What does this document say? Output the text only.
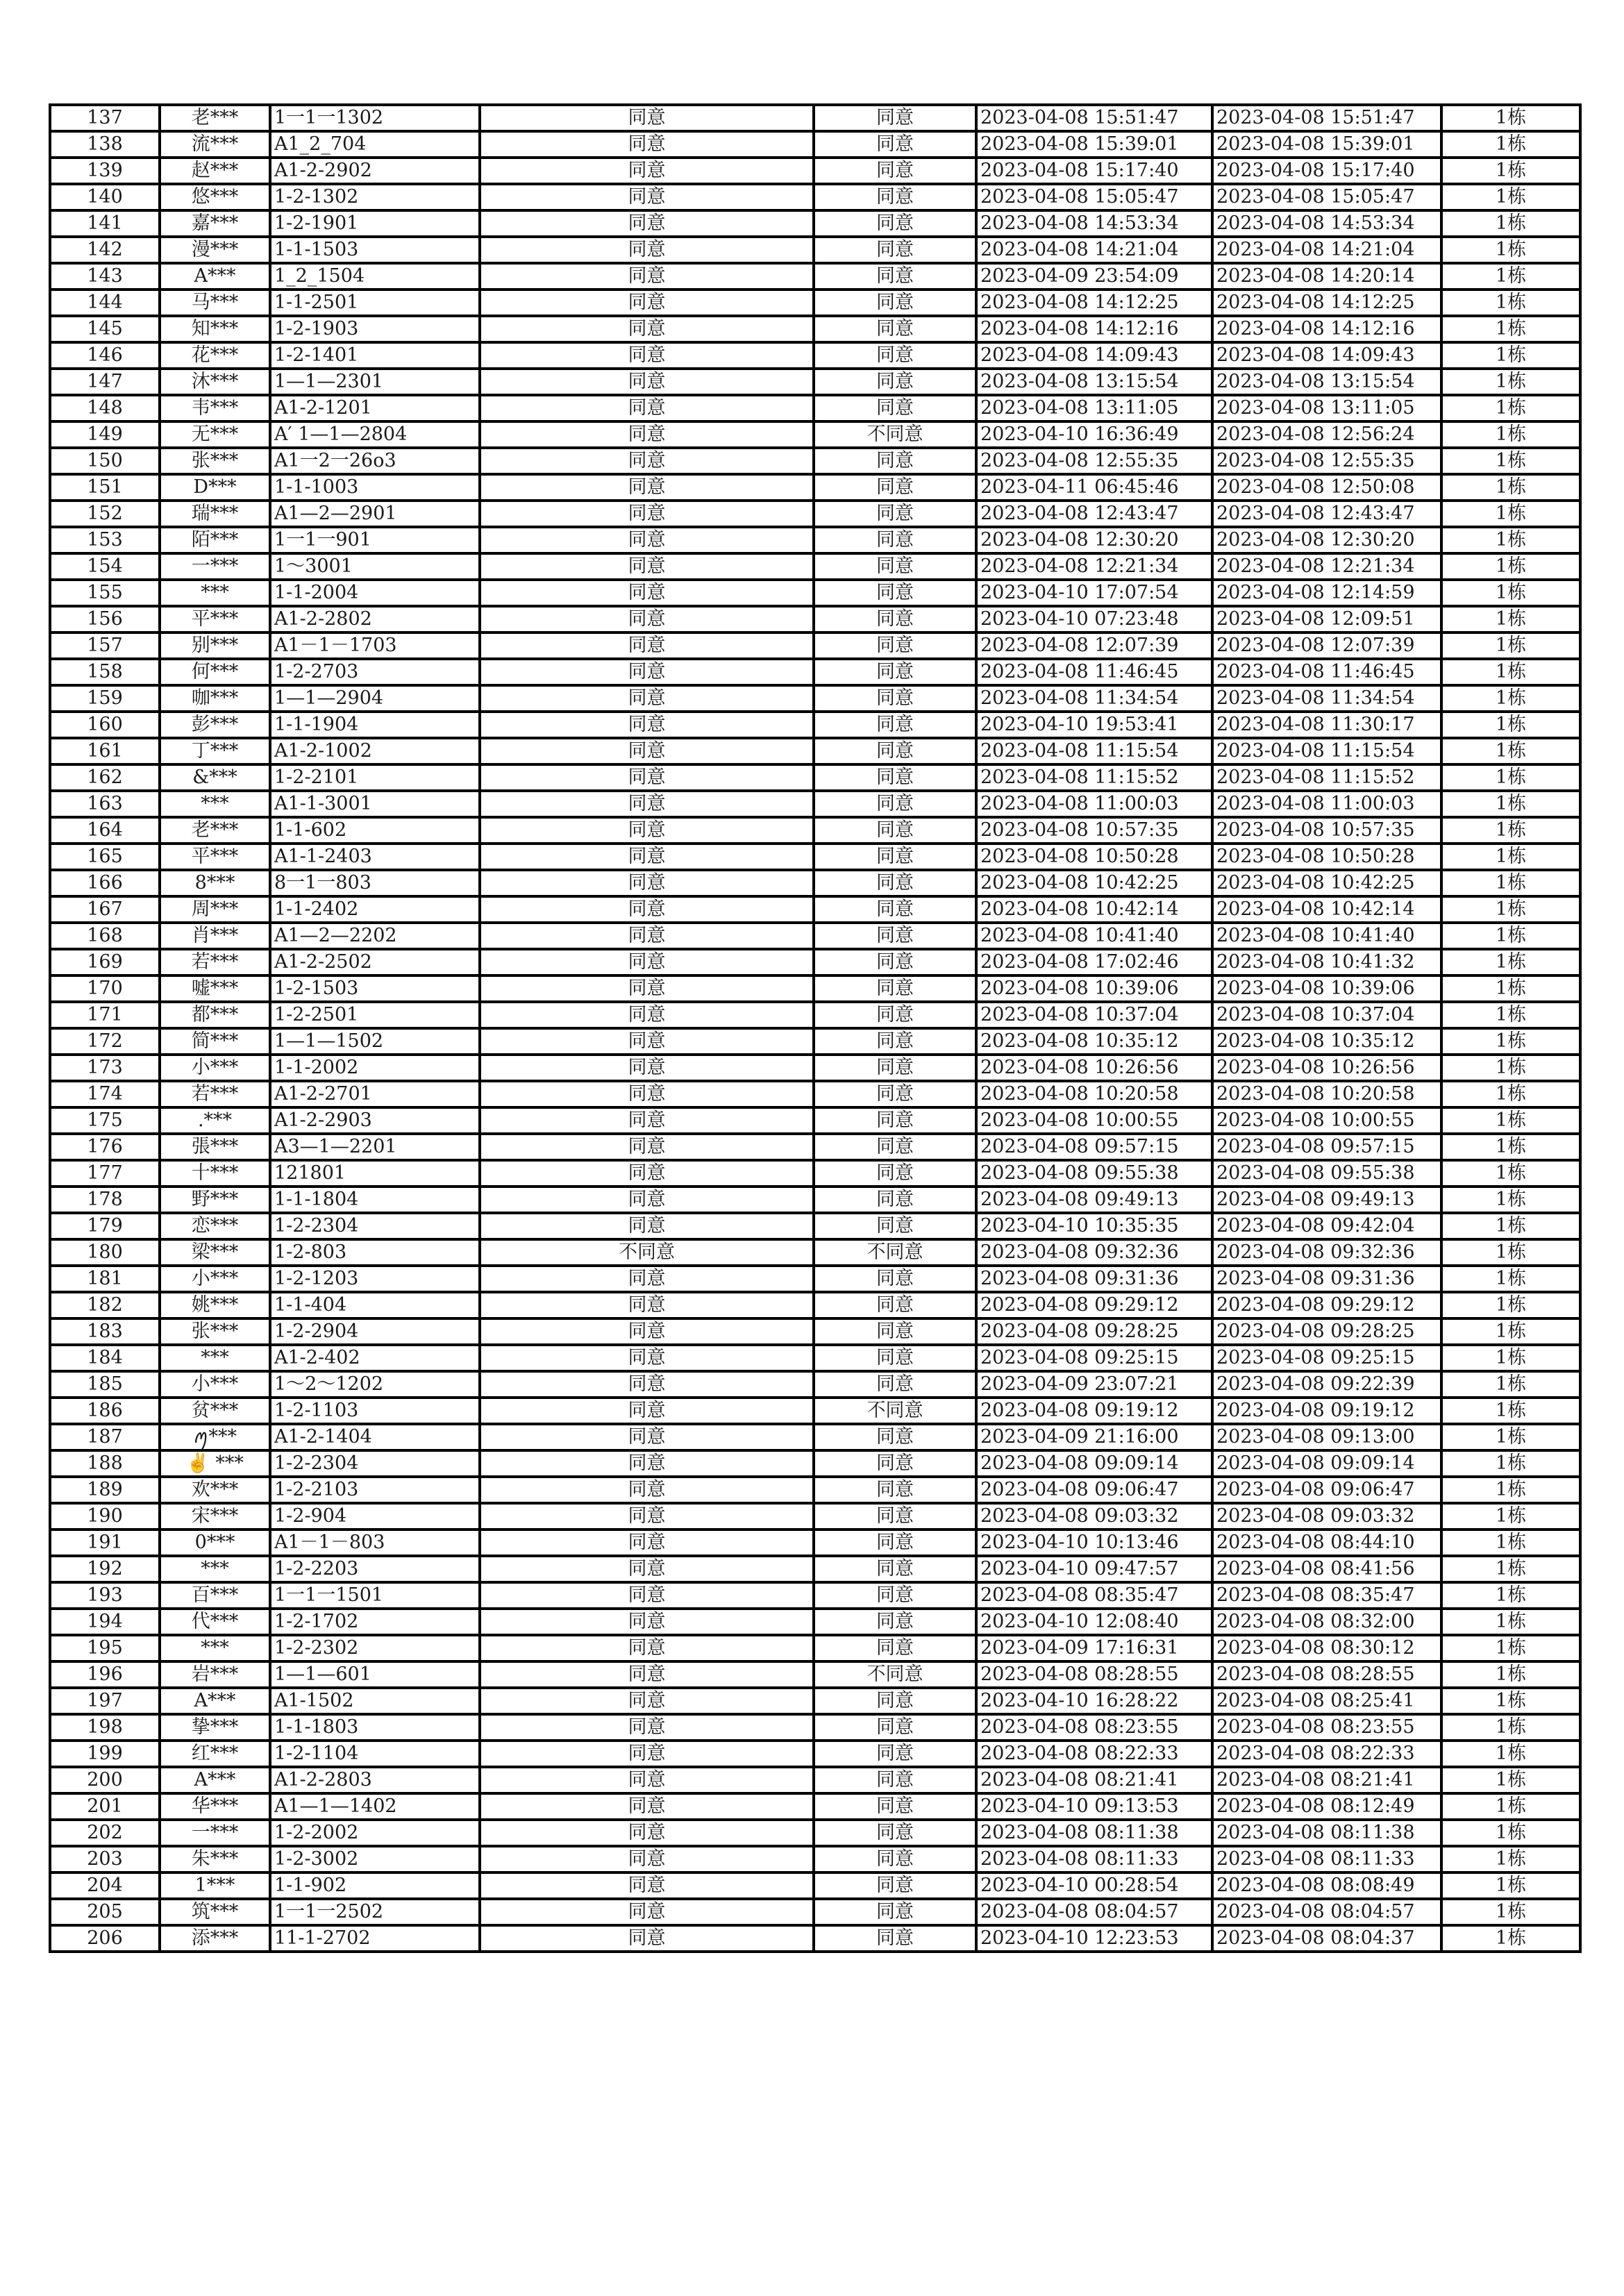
137	老***	1一1一1302	同意	同意	2023-04-08 15:51:47	2023-04-08 15:51:47	1栋
138	流***	A1_2_704	同意	同意	2023-04-08 15:39:01	2023-04-08 15:39:01	1栋
139	赵***	A1-2-2902	同意	同意	2023-04-08 15:17:40	2023-04-08 15:17:40	1栋
140	悠***	1-2-1302	同意	同意	2023-04-08 15:05:47	2023-04-08 15:05:47	1栋
141	嘉***	1-2-1901	同意	同意	2023-04-08 14:53:34	2023-04-08 14:53:34	1栋
142	漫***	1-1-1503	同意	同意	2023-04-08 14:21:04	2023-04-08 14:21:04	1栋
143	A***	1_2_1504	同意	同意	2023-04-09 23:54:09	2023-04-08 14:20:14	1栋
144	马***	1-1-2501	同意	同意	2023-04-08 14:12:25	2023-04-08 14:12:25	1栋
145	知***	1-2-1903	同意	同意	2023-04-08 14:12:16	2023-04-08 14:12:16	1栋
146	花***	1-2-1401	同意	同意	2023-04-08 14:09:43	2023-04-08 14:09:43	1栋
147	沐***	1—1—2301	同意	同意	2023-04-08 13:15:54	2023-04-08 13:15:54	1栋
148	韦***	A1-2-1201	同意	同意	2023-04-08 13:11:05	2023-04-08 13:11:05	1栋
149	无***	A′ 1—1—2804	同意	不同意	2023-04-10 16:36:49	2023-04-08 12:56:24	1栋
150	张***	A1一2一26o3	同意	同意	2023-04-08 12:55:35	2023-04-08 12:55:35	1栋
151	D***	1-1-1003	同意	同意	2023-04-11 06:45:46	2023-04-08 12:50:08	1栋
152	瑞***	A1—2—2901	同意	同意	2023-04-08 12:43:47	2023-04-08 12:43:47	1栋
153	陌***	1一1一901	同意	同意	2023-04-08 12:30:20	2023-04-08 12:30:20	1栋
154	一***	1～3001	同意	同意	2023-04-08 12:21:34	2023-04-08 12:21:34	1栋
155	***	1-1-2004	同意	同意	2023-04-10 17:07:54	2023-04-08 12:14:59	1栋
156	平***	A1-2-2802	同意	同意	2023-04-10 07:23:48	2023-04-08 12:09:51	1栋
157	别***	A1－1－1703	同意	同意	2023-04-08 12:07:39	2023-04-08 12:07:39	1栋
158	何***	1-2-2703	同意	同意	2023-04-08 11:46:45	2023-04-08 11:46:45	1栋
159	咖***	1—1—2904	同意	同意	2023-04-08 11:34:54	2023-04-08 11:34:54	1栋
160	彭***	1-1-1904	同意	同意	2023-04-10 19:53:41	2023-04-08 11:30:17	1栋
161	丁***	A1-2-1002	同意	同意	2023-04-08 11:15:54	2023-04-08 11:15:54	1栋
162	&***	1-2-2101	同意	同意	2023-04-08 11:15:52	2023-04-08 11:15:52	1栋
163	***	A1-1-3001	同意	同意	2023-04-08 11:00:03	2023-04-08 11:00:03	1栋
164	老***	1-1-602	同意	同意	2023-04-08 10:57:35	2023-04-08 10:57:35	1栋
165	平***	A1-1-2403	同意	同意	2023-04-08 10:50:28	2023-04-08 10:50:28	1栋
166	8***	8一1一803	同意	同意	2023-04-08 10:42:25	2023-04-08 10:42:25	1栋
167	周***	1-1-2402	同意	同意	2023-04-08 10:42:14	2023-04-08 10:42:14	1栋
168	肖***	A1—2—2202	同意	同意	2023-04-08 10:41:40	2023-04-08 10:41:40	1栋
169	若***	A1-2-2502	同意	同意	2023-04-08 17:02:46	2023-04-08 10:41:32	1栋
170	嘘***	1-2-1503	同意	同意	2023-04-08 10:39:06	2023-04-08 10:39:06	1栋
171	都***	1-2-2501	同意	同意	2023-04-08 10:37:04	2023-04-08 10:37:04	1栋
172	简***	1—1—1502	同意	同意	2023-04-08 10:35:12	2023-04-08 10:35:12	1栋
173	小***	1-1-2002	同意	同意	2023-04-08 10:26:56	2023-04-08 10:26:56	1栋
174	若***	A1-2-2701	同意	同意	2023-04-08 10:20:58	2023-04-08 10:20:58	1栋
175	.***	A1-2-2903	同意	同意	2023-04-08 10:00:55	2023-04-08 10:00:55	1栋
176	張***	A3—1—2201	同意	同意	2023-04-08 09:57:15	2023-04-08 09:57:15	1栋
177	十***	121801	同意	同意	2023-04-08 09:55:38	2023-04-08 09:55:38	1栋
178	野***	1-1-1804	同意	同意	2023-04-08 09:49:13	2023-04-08 09:49:13	1栋
179	恋***	1-2-2304	同意	同意	2023-04-10 10:35:35	2023-04-08 09:42:04	1栋
180	梁***	1-2-803	不同意	不同意	2023-04-08 09:32:36	2023-04-08 09:32:36	1栋
181	小***	1-2-1203	同意	同意	2023-04-08 09:31:36	2023-04-08 09:31:36	1栋
182	姚***	1-1-404	同意	同意	2023-04-08 09:29:12	2023-04-08 09:29:12	1栋
183	张***	1-2-2904	同意	同意	2023-04-08 09:28:25	2023-04-08 09:28:25	1栋
184	***	A1-2-402	同意	同意	2023-04-08 09:25:15	2023-04-08 09:25:15	1栋
185	小***	1～2～1202	同意	同意	2023-04-09 23:07:21	2023-04-08 09:22:39	1栋
186	贫***	1-2-1103	同意	不同意	2023-04-08 09:19:12	2023-04-08 09:19:12	1栋
187	ꪑ***	A1-2-1404	同意	同意	2023-04-09 21:16:00	2023-04-08 09:13:00	1栋
188	✌ ***	1-2-2304	同意	同意	2023-04-08 09:09:14	2023-04-08 09:09:14	1栋
189	欢***	1-2-2103	同意	同意	2023-04-08 09:06:47	2023-04-08 09:06:47	1栋
190	宋***	1-2-904	同意	同意	2023-04-08 09:03:32	2023-04-08 09:03:32	1栋
191	0***	A1－1－803	同意	同意	2023-04-10 10:13:46	2023-04-08 08:44:10	1栋
192	***	1-2-2203	同意	同意	2023-04-10 09:47:57	2023-04-08 08:41:56	1栋
193	百***	1一1一1501	同意	同意	2023-04-08 08:35:47	2023-04-08 08:35:47	1栋
194	代***	1-2-1702	同意	同意	2023-04-10 12:08:40	2023-04-08 08:32:00	1栋
195	***	1-2-2302	同意	同意	2023-04-09 17:16:31	2023-04-08 08:30:12	1栋
196	岩***	1—1—601	同意	不同意	2023-04-08 08:28:55	2023-04-08 08:28:55	1栋
197	A***	A1-1502	同意	同意	2023-04-10 16:28:22	2023-04-08 08:25:41	1栋
198	挚***	1-1-1803	同意	同意	2023-04-08 08:23:55	2023-04-08 08:23:55	1栋
199	红***	1-2-1104	同意	同意	2023-04-08 08:22:33	2023-04-08 08:22:33	1栋
200	A***	A1-2-2803	同意	同意	2023-04-08 08:21:41	2023-04-08 08:21:41	1栋
201	华***	A1—1—1402	同意	同意	2023-04-10 09:13:53	2023-04-08 08:12:49	1栋
202	一***	1-2-2002	同意	同意	2023-04-08 08:11:38	2023-04-08 08:11:38	1栋
203	朱***	1-2-3002	同意	同意	2023-04-08 08:11:33	2023-04-08 08:11:33	1栋
204	1***	1-1-902	同意	同意	2023-04-10 00:28:54	2023-04-08 08:08:49	1栋
205	筑***	1一1一2502	同意	同意	2023-04-08 08:04:57	2023-04-08 08:04:57	1栋
206	添***	11-1-2702	同意	同意	2023-04-10 12:23:53	2023-04-08 08:04:37	1栋
